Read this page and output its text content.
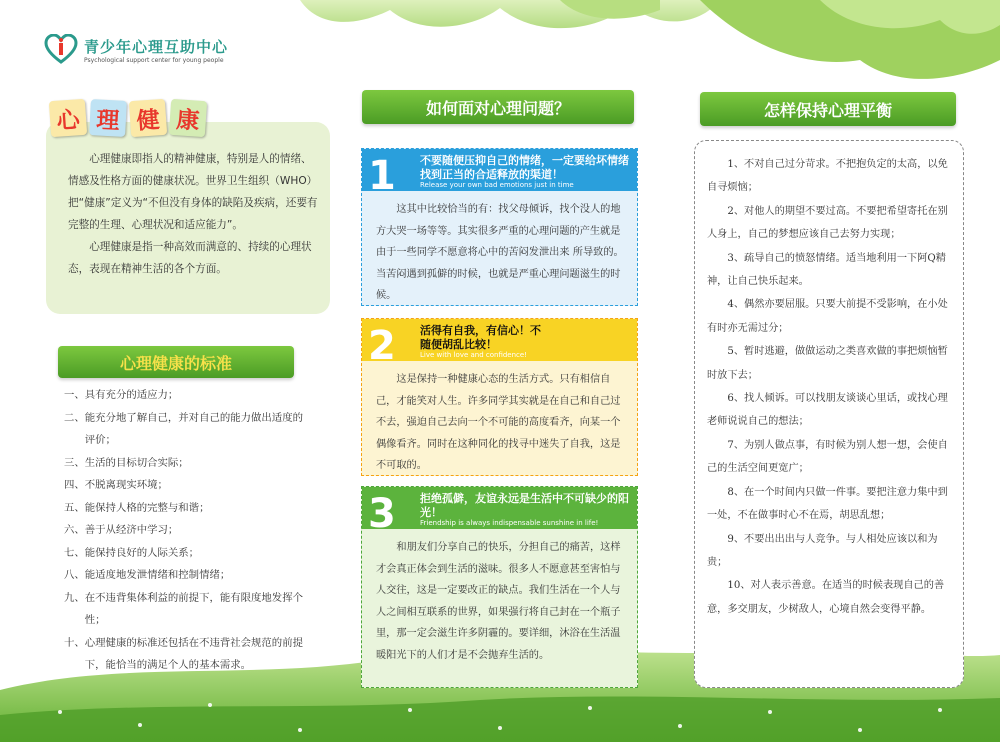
青少年心理互助中心
Psychological support center for young people

心理健康即指人的精神健康，特别是人的情绪、情感及性格方面的健康状况。世界卫生组织（WHO）把“健康”定义为“不但没有身体的缺陷及疾病，还要有完整的生理、心理状况和适应能力”。

心理健康是指一种高效而满意的、持续的心理状态，表现在精神生活的各个方面。

心 理 健 康
心理健康的标准
一、 具有充分的适应力；
二、 能充分地了解自己，并对自己的能力做出适度的评价；
三、 生活的目标切合实际；
四、 不脱离现实环境；
五、 能保持人格的完整与和谐；
六、 善于从经济中学习；
七、 能保持良好的人际关系；
八、 能适度地发泄情绪和控制情绪；
九、 在不违背集体利益的前提下，能有限度地发挥个性；
十、 心理健康的标准还包括在不违背社会规范的前提下，能恰当的满足个人的基本需求。
如何面对心理问题？
1 不要随便压抑自己的情绪，一定要给坏情绪找到正当的合适释放的渠道！
Release your own bad emotions just in time
这其中比较恰当的有：找父母倾诉，找个没人的地方大哭一场等等。其实很多严重的心理问题的产生就是由于一些同学不愿意将心中的苦闷发泄出来 所导致的。当苦闷遇到孤僻的时候，也就是严重心理问题滋生的时候。
2 活得有自我，有信心！不随便胡乱比较！
Live with love and confidence!
这是保持一种健康心态的生活方式。只有相信自己，才能笑对人生。许多同学其实就是在自己和自己过不去，强迫自己去向一个不可能的高度看齐，向某一个偶像看齐。同时在这种同化的找寻中迷失了自我，这是不可取的。
3 拒绝孤僻，友谊永远是生活中不可缺少的阳光！
Friendship is always indispensable sunshine in life!
和朋友们分享自己的快乐，分担自己的痛苦，这样才会真正体会到生活的滋味。很多人不愿意甚至害怕与人交往，这是一定要改正的缺点。我们生活在一个人与人之间相互联系的世界，如果强行将自己封在一个瓶子里，那一定会滋生许多阴霾的。要详细，沐浴在生活温暖阳光下的人们才是不会抛弃生活的。
怎样保持心理平衡

1、不对自己过分苛求。不把抱负定的太高，以免自寻烦恼；

2、对他人的期望不要过高。不要把希望寄托在别人身上，自己的梦想应该自己去努力实现；

3、疏导自己的愤怒情绪。适当地利用一下阿Q精神，让自己快乐起来。

4、偶然亦要屈服。只要大前提不受影响，在小处有时亦无需过分；

5、暂时逃避，做做运动之类喜欢做的事把烦恼暂时放下去；

6、找人倾诉。可以找朋友谈谈心里话，或找心理老师说说自己的想法；

7、为别人做点事，有时候为别人想一想，会使自己的生活空间更宽广；

8、在一个时间内只做一件事。要把注意力集中到一处，不在做事时心不在焉，胡思乱想；

9、不要出出出与人竞争。与人相处应该以和为贵；

10、对人表示善意。在适当的时候表现自己的善意，多交朋友，少树敌人，心境自然会变得平静。
